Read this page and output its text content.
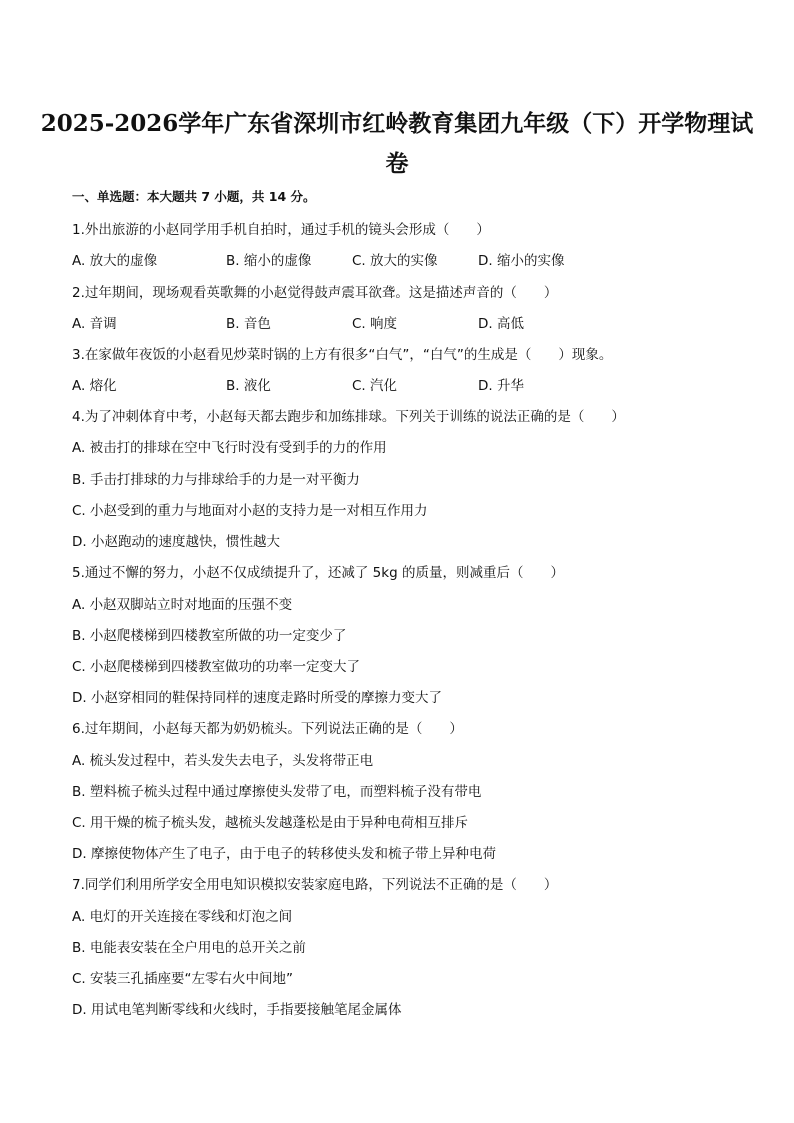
2025-2026学年广东省深圳市红岭教育集团九年级（下）开学物理试
卷
一、单选题：本大题共 7 小题，共 14 分。
1.外出旅游的小赵同学用手机自拍时，通过手机的镜头会形成（　　）
A. 放大的虚像	B. 缩小的虚像	C. 放大的实像	D. 缩小的实像
2.过年期间，现场观看英歌舞的小赵觉得鼓声震耳欲聋。这是描述声音的（　　）
A. 音调	B. 音色	C. 响度	D. 高低
3.在家做年夜饭的小赵看见炒菜时锅的上方有很多“白气”，“白气”的生成是（　　）现象。
A. 熔化	B. 液化	C. 汽化	D. 升华
4.为了冲刺体育中考，小赵每天都去跑步和加练排球。下列关于训练的说法正确的是（　　）
A. 被击打的排球在空中飞行时没有受到手的力的作用
B. 手击打排球的力与排球给手的力是一对平衡力
C. 小赵受到的重力与地面对小赵的支持力是一对相互作用力
D. 小赵跑动的速度越快，惯性越大
5.通过不懈的努力，小赵不仅成绩提升了，还减了 5kg 的质量，则减重后（　　）
A. 小赵双脚站立时对地面的压强不变
B. 小赵爬楼梯到四楼教室所做的功一定变少了
C. 小赵爬楼梯到四楼教室做功的功率一定变大了
D. 小赵穿相同的鞋保持同样的速度走路时所受的摩擦力变大了
6.过年期间，小赵每天都为奶奶梳头。下列说法正确的是（　　）
A. 梳头发过程中，若头发失去电子，头发将带正电
B. 塑料梳子梳头过程中通过摩擦使头发带了电，而塑料梳子没有带电
C. 用干燥的梳子梳头发，越梳头发越蓬松是由于异种电荷相互排斥
D. 摩擦使物体产生了电子，由于电子的转移使头发和梳子带上异种电荷
7.同学们利用所学安全用电知识模拟安装家庭电路，下列说法不正确的是（　　）
A. 电灯的开关连接在零线和灯泡之间
B. 电能表安装在全户用电的总开关之前
C. 安装三孔插座要“左零右火中间地”
D. 用试电笔判断零线和火线时，手指要接触笔尾金属体
